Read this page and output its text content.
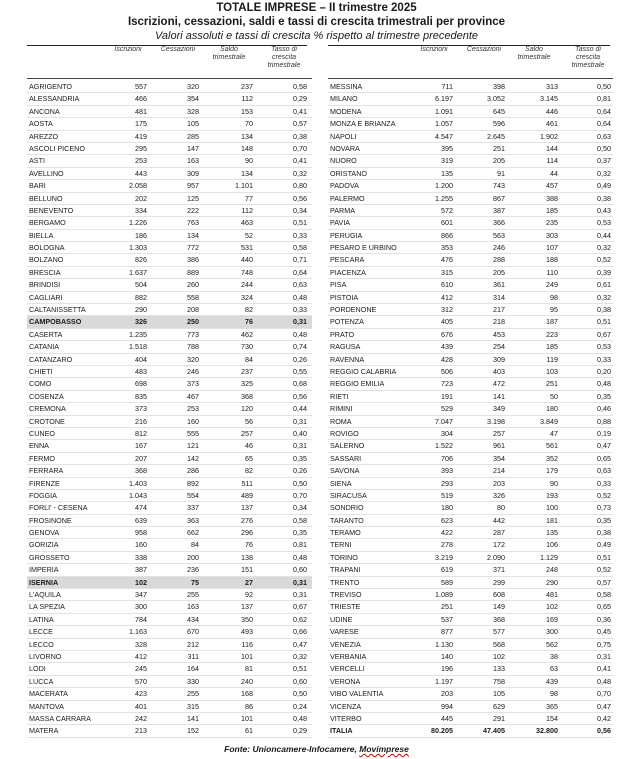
TOTALE IMPRESE – II trimestre 2025
Iscrizioni, cessazioni, saldi e tassi di crescita trimestrali per province
Valori assoluti e tassi di crescita % rispetto al trimestre precedente
Iscrizioni	Cessazioni	Saldo trimestrale
Tasso di crescita trimestrale
AGRIGENTO	557	320	237	0,58
ALESSANDRIA	466	354	112	0,29
ANCONA	481	328	153	0,41
AOSTA	175	105	70	0,57
AREZZO	419	285	134	0,38
ASCOLI PICENO	295	147	148	0,70
ASTI	253	163	90	0,41
AVELLINO	443	309	134	0,32
BARI	2.058	957	1.101	0,80
BELLUNO	202	125	77	0,56
BENEVENTO	334	222	112	0,34
BERGAMO	1.226	763	463	0,51
BIELLA	186	134	52	0,33
BOLOGNA	1.303	772	531	0,58
BOLZANO	826	386	440	0,71
BRESCIA	1.637	889	748	0,64
BRINDISI	504	260	244	0,63
CAGLIARI	882	558	324	0,48
CALTANISSETTA	290	208	82	0,33
CAMPOBASSO	326	250	76	0,31
CASERTA	1.235	773	462	0,48
CATANIA	1.518	788	730	0,74
CATANZARO	404	320	84	0,26
CHIETI	483	246	237	0,55
COMO	698	373	325	0,68
COSENZA	835	467	368	0,56
CREMONA	373	253	120	0,44
CROTONE	216	160	56	0,31
CUNEO	812	555	257	0,40
ENNA	167	121	46	0,31
FERMO	207	142	65	0,35
FERRARA	368	286	82	0,26
FIRENZE	1.403	892	511	0,50
FOGGIA	1.043	554	489	0,70
FORLI' - CESENA	474	337	137	0,34
FROSINONE	639	363	276	0,58
GENOVA	958	662	296	0,35
GORIZIA	160	84	76	0,81
GROSSETO	338	200	138	0,48
IMPERIA	387	236	151	0,60
ISERNIA	102	75	27	0,31
L'AQUILA	347	255	92	0,31
LA SPEZIA	300	163	137	0,67
LATINA	784	434	350	0,62
LECCE	1.163	670	493	0,66
LECCO	328	212	116	0,47
LIVORNO	412	311	101	0,32
LODI	245	164	81	0,51
LUCCA	570	330	240	0,60
MACERATA	423	255	168	0,50
MANTOVA	401	315	86	0,24
MASSA CARRARA	242	141	101	0,48
MATERA	213	152	61	0,29
Iscrizioni	Cessazioni	Saldo trimestrale
Tasso di crescita trimestrale
MESSINA	711	398	313	0,50
MILANO	6.197	3.052	3.145	0,81
MODENA	1.091	645	446	0,64
MONZA E BRIANZA	1.057	596	461	0,64
NAPOLI	4.547	2.645	1.902	0,63
NOVARA	395	251	144	0,50
NUORO	319	205	114	0,37
ORISTANO	135	91	44	0,32
PADOVA	1.200	743	457	0,49
PALERMO	1.255	867	388	0,38
PARMA	572	387	185	0,43
PAVIA	601	366	235	0,53
PERUGIA	866	563	303	0,44
PESARO E URBINO	353	246	107	0,32
PESCARA	476	288	188	0,52
PIACENZA	315	205	110	0,39
PISA	610	361	249	0,61
PISTOIA	412	314	98	0,32
PORDENONE	312	217	95	0,38
POTENZA	405	218	187	0,51
PRATO	676	453	223	0,67
RAGUSA	439	254	185	0,53
RAVENNA	428	309	119	0,33
REGGIO CALABRIA	506	403	103	0,20
REGGIO EMILIA	723	472	251	0,48
RIETI	191	141	50	0,35
RIMINI	529	349	180	0,46
ROMA	7.047	3.198	3.849	0,88
ROVIGO	304	257	47	0,19
SALERNO	1.522	961	561	0,47
SASSARI	706	354	352	0,65
SAVONA	393	214	179	0,63
SIENA	293	203	90	0,33
SIRACUSA	519	326	193	0,52
SONDRIO	180	80	100	0,73
TARANTO	623	442	181	0,35
TERAMO	422	287	135	0,38
TERNI	278	172	106	0,49
TORINO	3.219	2.090	1.129	0,51
TRAPANI	619	371	248	0,52
TRENTO	589	299	290	0,57
TREVISO	1.089	608	481	0,58
TRIESTE	251	149	102	0,65
UDINE	537	368	169	0,36
VARESE	877	577	300	0,45
VENEZIA	1.130	568	562	0,75
VERBANIA	140	102	38	0,31
VERCELLI	196	133	63	0,41
VERONA	1.197	758	439	0,48
VIBO VALENTIA	203	105	98	0,70
VICENZA	994	629	365	0,47
VITERBO	445	291	154	0,42
ITALIA	80.205	47.405	32.800	0,56
Fonte: Unioncamere-Infocamere, Movimprese
